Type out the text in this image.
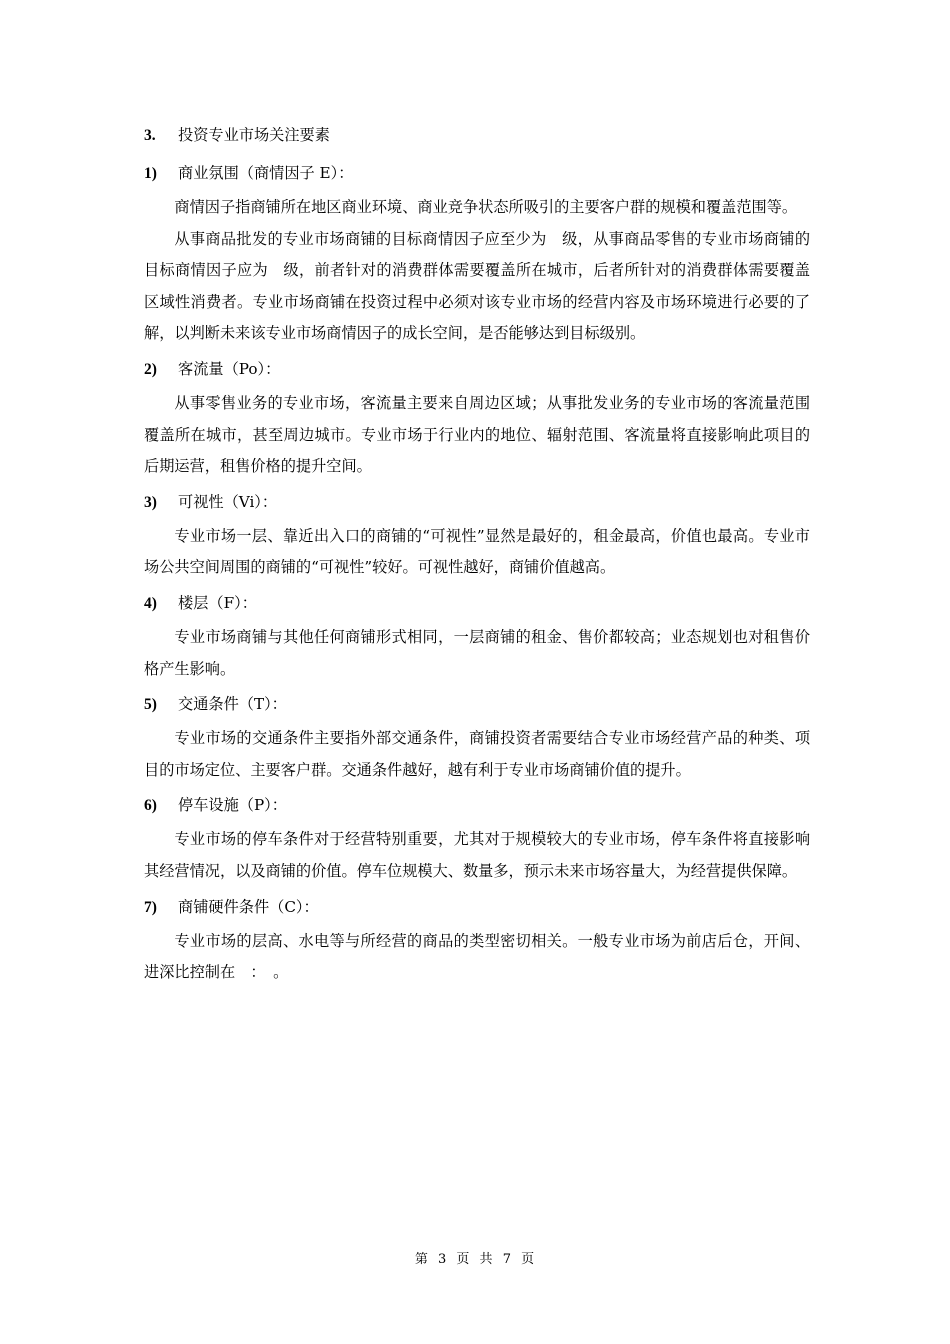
3. 投资专业市场关注要素
1) 商业氛围（商情因子 E）：

商情因子指商铺所在地区商业环境、商业竞争状态所吸引的主要客户群的规模和覆盖范围等。

从事商品批发的专业市场商铺的目标商情因子应至少为　级，从事商品零售的专业市场商铺的目标商情因子应为　级，前者针对的消费群体需要覆盖所在城市，后者所针对的消费群体需要覆盖区域性消费者。专业市场商铺在投资过程中必须对该专业市场的经营内容及市场环境进行必要的了解，以判断未来该专业市场商情因子的成长空间，是否能够达到目标级别。

2) 客流量（Po）：

从事零售业务的专业市场，客流量主要来自周边区域；从事批发业务的专业市场的客流量范围覆盖所在城市，甚至周边城市。专业市场于行业内的地位、辐射范围、客流量将直接影响此项目的后期运营，租售价格的提升空间。

3) 可视性（Vi）：

专业市场一层、靠近出入口的商铺的“可视性”显然是最好的，租金最高，价值也最高。专业市场公共空间周围的商铺的“可视性”较好。可视性越好，商铺价值越高。

4) 楼层（F）：

专业市场商铺与其他任何商铺形式相同，一层商铺的租金、售价都较高；业态规划也对租售价格产生影响。

5) 交通条件（T）：

专业市场的交通条件主要指外部交通条件，商铺投资者需要结合专业市场经营产品的种类、项目的市场定位、主要客户群。交通条件越好，越有利于专业市场商铺价值的提升。

6) 停车设施（P）：

专业市场的停车条件对于经营特别重要，尤其对于规模较大的专业市场，停车条件将直接影响其经营情况，以及商铺的价值。停车位规模大、数量多，预示未来市场容量大，为经营提供保障。

7) 商铺硬件条件（C）：

专业市场的层高、水电等与所经营的商品的类型密切相关。一般专业市场为前店后仓，开间、进深比控制在　：　。

第 3 页 共 7 页
